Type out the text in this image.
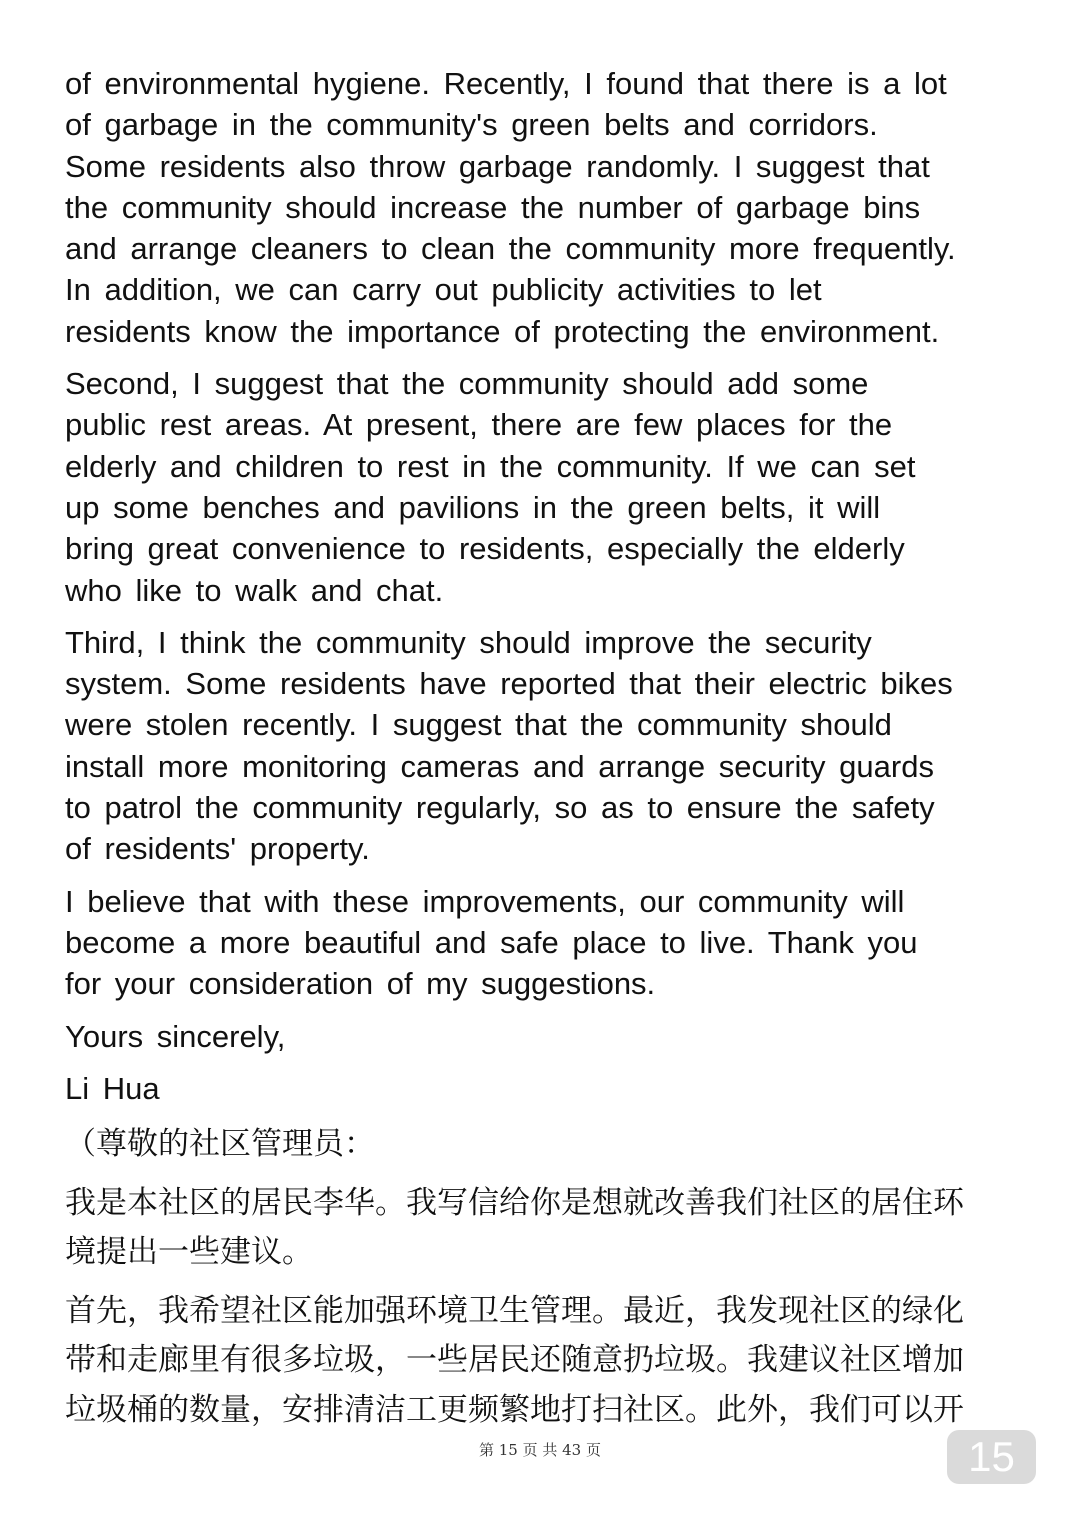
of environmental hygiene. Recently, I found that there is a lot
of garbage in the community's green belts and corridors.
Some residents also throw garbage randomly. I suggest that
the community should increase the number of garbage bins
and arrange cleaners to clean the community more frequently.
In addition, we can carry out publicity activities to let
residents know the importance of protecting the environment.
Second, I suggest that the community should add some
public rest areas. At present, there are few places for the
elderly and children to rest in the community. If we can set
up some benches and pavilions in the green belts, it will
bring great convenience to residents, especially the elderly
who like to walk and chat.
Third, I think the community should improve the security
system. Some residents have reported that their electric bikes
were stolen recently. I suggest that the community should
install more monitoring cameras and arrange security guards
to patrol the community regularly, so as to ensure the safety
of residents' property.
I believe that with these improvements, our community will
become a more beautiful and safe place to live. Thank you
for your consideration of my suggestions.
Yours sincerely,
Li Hua
（尊敬的社区管理员：
我是本社区的居民李华。我写信给你是想就改善我们社区的居住环
境提出一些建议。
首先，我希望社区能加强环境卫生管理。最近，我发现社区的绿化
带和走廊里有很多垃圾，一些居民还随意扔垃圾。我建议社区增加
垃圾桶的数量，安排清洁工更频繁地打扫社区。此外，我们可以开
第 15 页 共 43 页	15
